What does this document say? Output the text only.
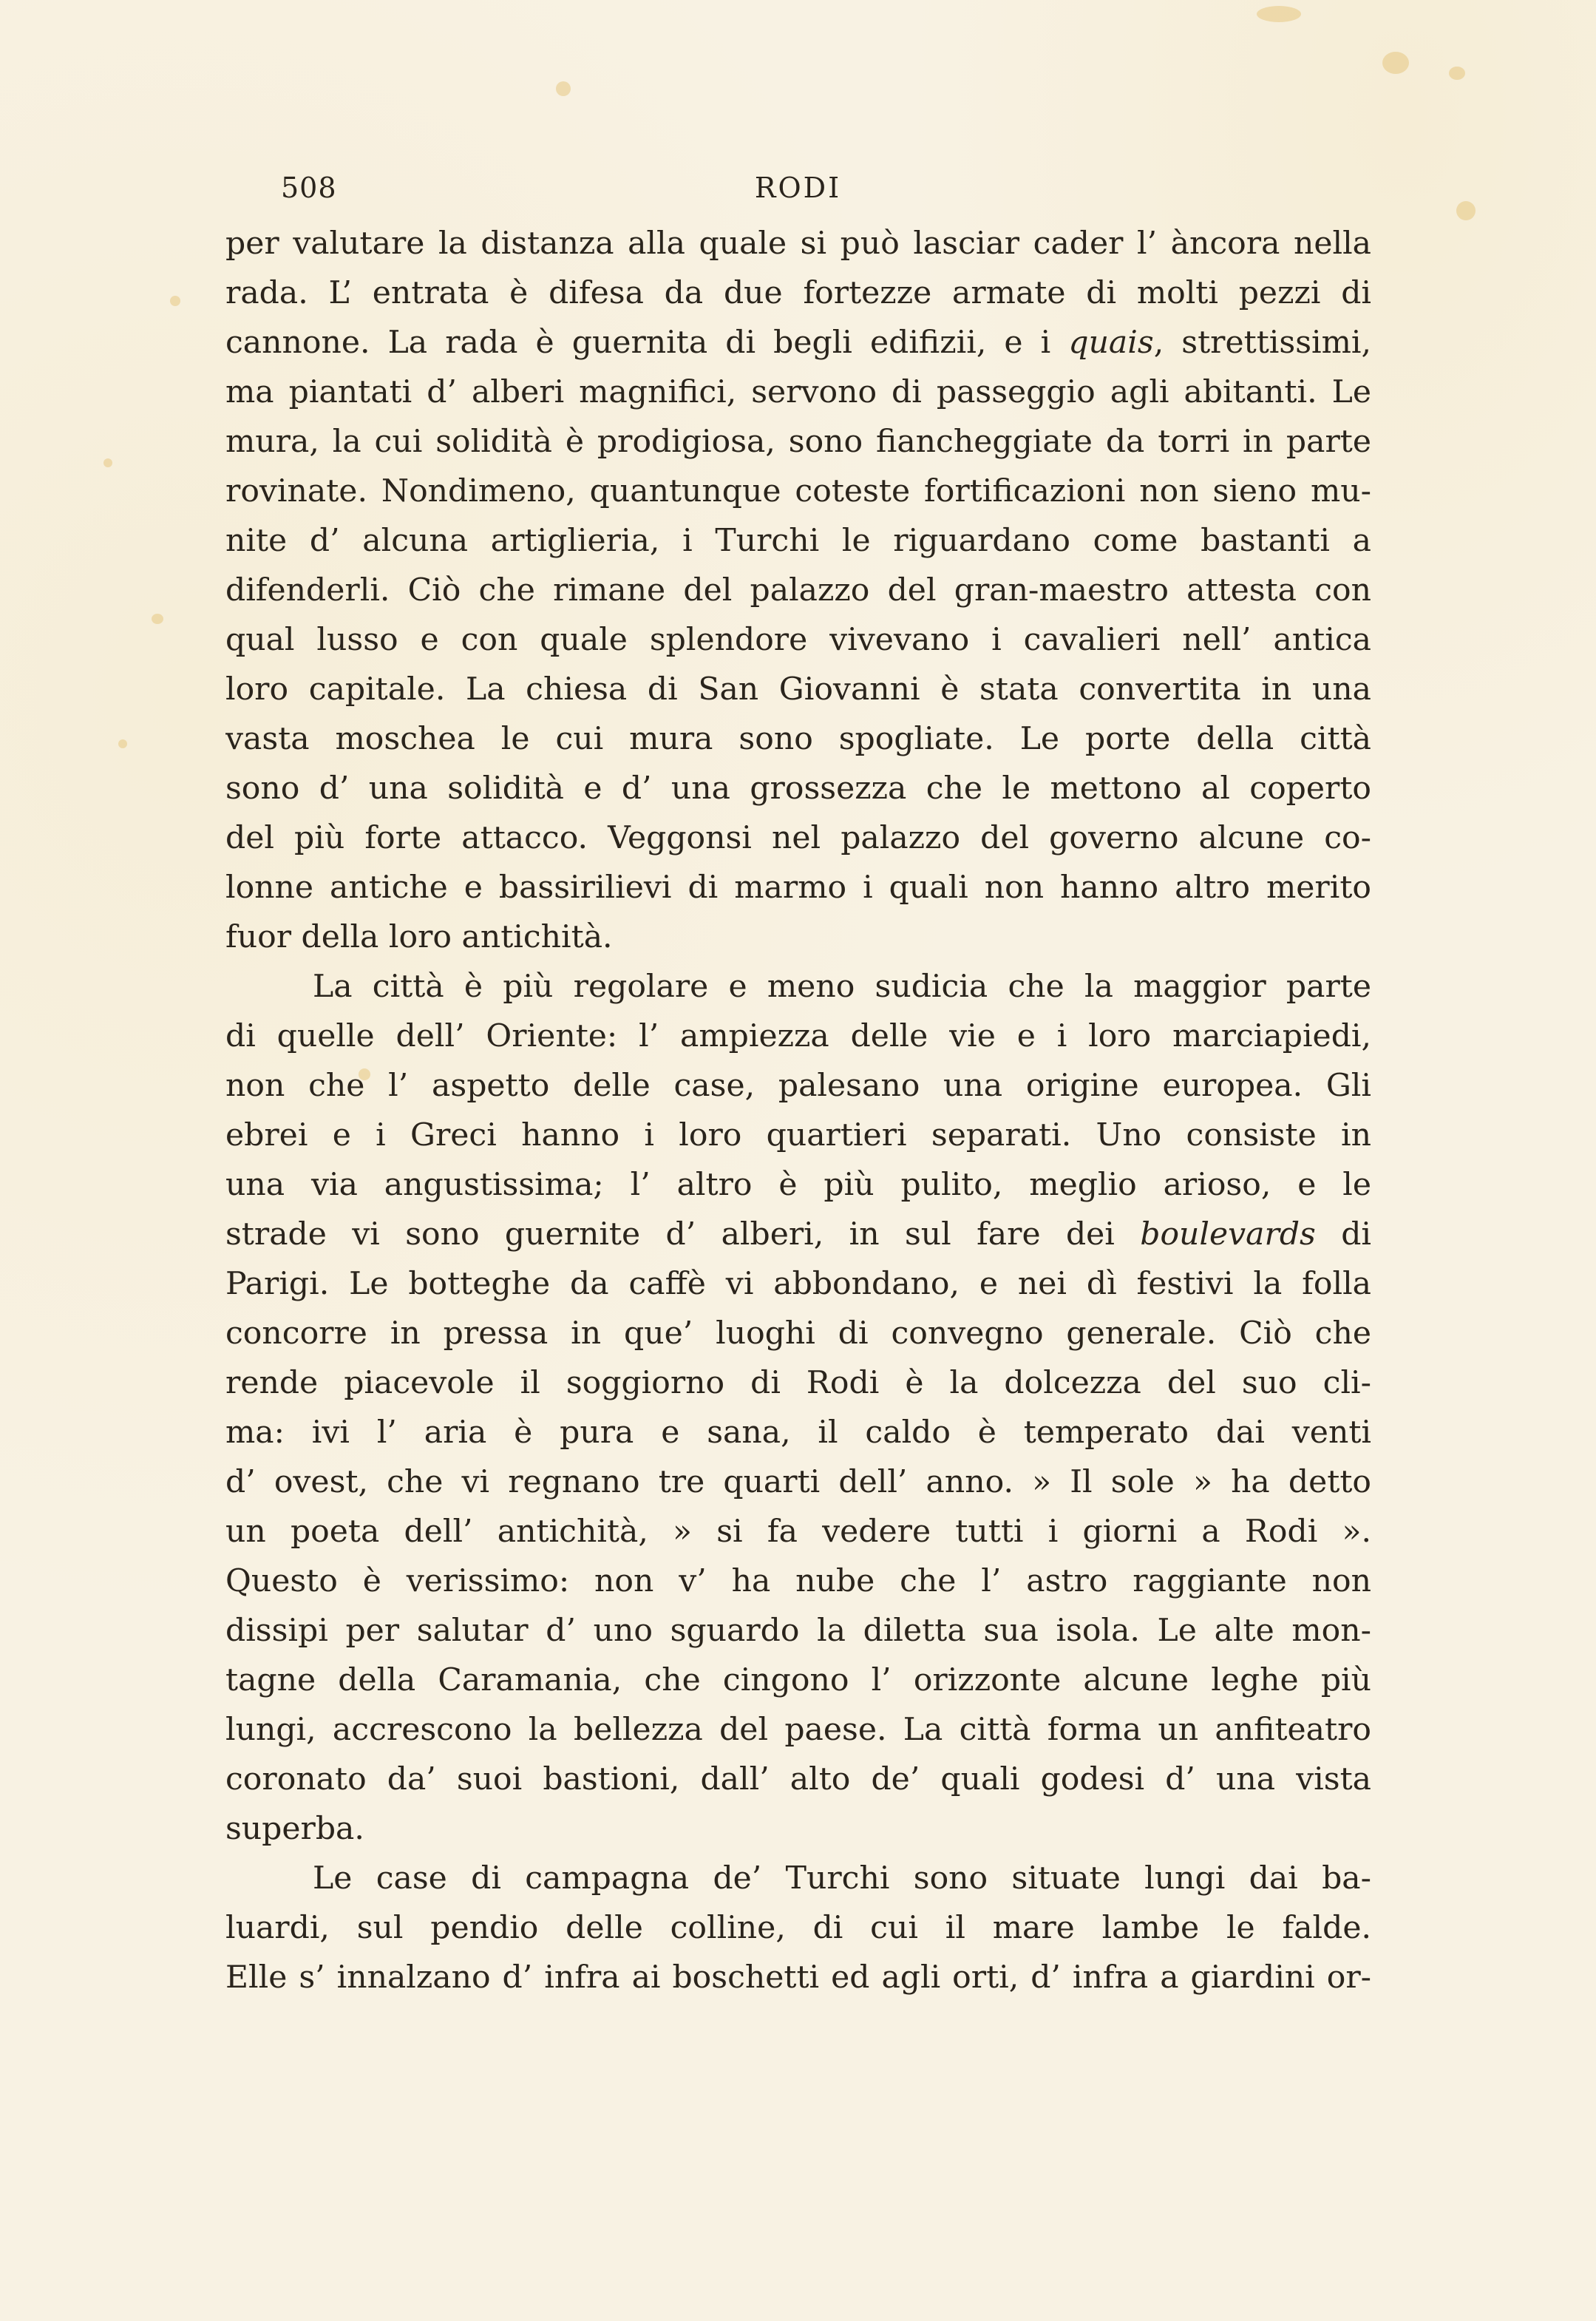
508	RODI
per valutare la distanza alla quale si può lasciar cader l’ àncora nella
rada. L’ entrata è difesa da due fortezze armate di molti pezzi di
cannone. La rada è guernita di begli edifizii, e i quais, strettissimi,
ma piantati d’ alberi magnifici, servono di passeggio agli abitanti. Le
mura, la cui solidità è prodigiosa, sono fiancheggiate da torri in parte
rovinate. Nondimeno, quantunque coteste fortificazioni non sieno mu-
nite d’ alcuna artiglieria, i Turchi le riguardano come bastanti a
difenderli. Ciò che rimane del palazzo del gran-maestro attesta con
qual lusso e con quale splendore vivevano i cavalieri nell’ antica
loro capitale. La chiesa di San Giovanni è stata convertita in una
vasta moschea le cui mura sono spogliate. Le porte della città
sono d’ una solidità e d’ una grossezza che le mettono al coperto
del più forte attacco. Veggonsi nel palazzo del governo alcune co-
lonne antiche e bassirilievi di marmo i quali non hanno altro merito
fuor della loro antichità.
La città è più regolare e meno sudicia che la maggior parte
di quelle dell’ Oriente: l’ ampiezza delle vie e i loro marciapiedi,
non che l’ aspetto delle case, palesano una origine europea. Gli
ebrei e i Greci hanno i loro quartieri separati. Uno consiste in
una via angustissima; l’ altro è più pulito, meglio arioso, e le
strade vi sono guernite d’ alberi, in sul fare dei boulevards di
Parigi. Le botteghe da caffè vi abbondano, e nei dì festivi la folla
concorre in pressa in que’ luoghi di convegno generale. Ciò che
rende piacevole il soggiorno di Rodi è la dolcezza del suo cli-
ma: ivi l’ aria è pura e sana, il caldo è temperato dai venti
d’ ovest, che vi regnano tre quarti dell’ anno. » Il sole » ha detto
un poeta dell’ antichità, » si fa vedere tutti i giorni a Rodi ».
Questo è verissimo: non v’ ha nube che l’ astro raggiante non
dissipi per salutar d’ uno sguardo la diletta sua isola. Le alte mon-
tagne della Caramania, che cingono l’ orizzonte alcune leghe più
lungi, accrescono la bellezza del paese. La città forma un anfiteatro
coronato da’ suoi bastioni, dall’ alto de’ quali godesi d’ una vista
superba.
Le case di campagna de’ Turchi sono situate lungi dai ba-
luardi, sul pendio delle colline, di cui il mare lambe le falde.
Elle s’ innalzano d’ infra ai boschetti ed agli orti, d’ infra a giardini or-
